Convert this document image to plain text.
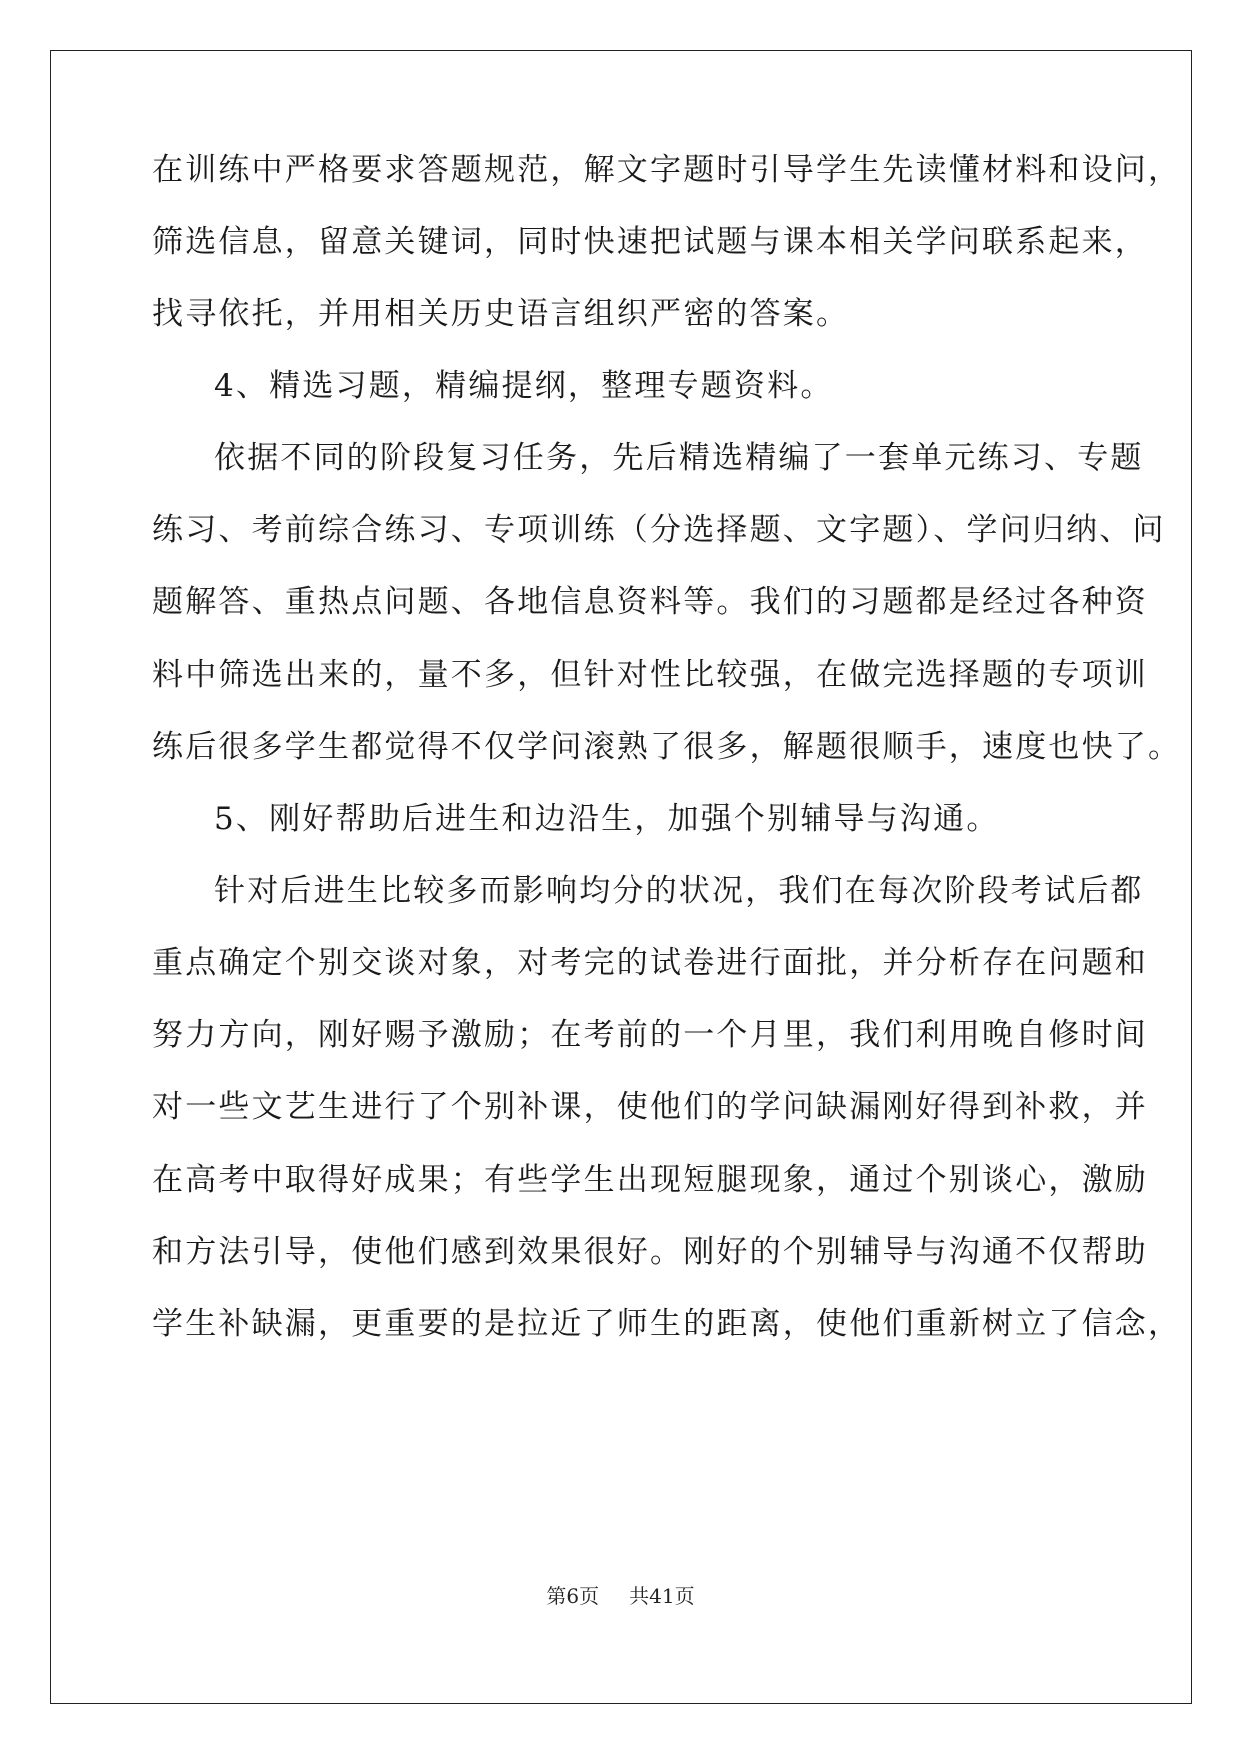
在训练中严格要求答题规范，解文字题时引导学生先读懂材料和设问，
筛选信息，留意关键词，同时快速把试题与课本相关学问联系起来，
找寻依托，并用相关历史语言组织严密的答案。
4、精选习题，精编提纲，整理专题资料。
依据不同的阶段复习任务，先后精选精编了一套单元练习、专题
练习、考前综合练习、专项训练（分选择题、文字题）、学问归纳、问
题解答、重热点问题、各地信息资料等。我们的习题都是经过各种资
料中筛选出来的，量不多，但针对性比较强，在做完选择题的专项训
练后很多学生都觉得不仅学问滚熟了很多，解题很顺手，速度也快了。
5、刚好帮助后进生和边沿生，加强个别辅导与沟通。
针对后进生比较多而影响均分的状况，我们在每次阶段考试后都
重点确定个别交谈对象，对考完的试卷进行面批，并分析存在问题和
努力方向，刚好赐予激励；在考前的一个月里，我们利用晚自修时间
对一些文艺生进行了个别补课，使他们的学问缺漏刚好得到补救，并
在高考中取得好成果；有些学生出现短腿现象，通过个别谈心，激励
和方法引导，使他们感到效果很好。刚好的个别辅导与沟通不仅帮助
学生补缺漏，更重要的是拉近了师生的距离，使他们重新树立了信念，
第6页 共41页
